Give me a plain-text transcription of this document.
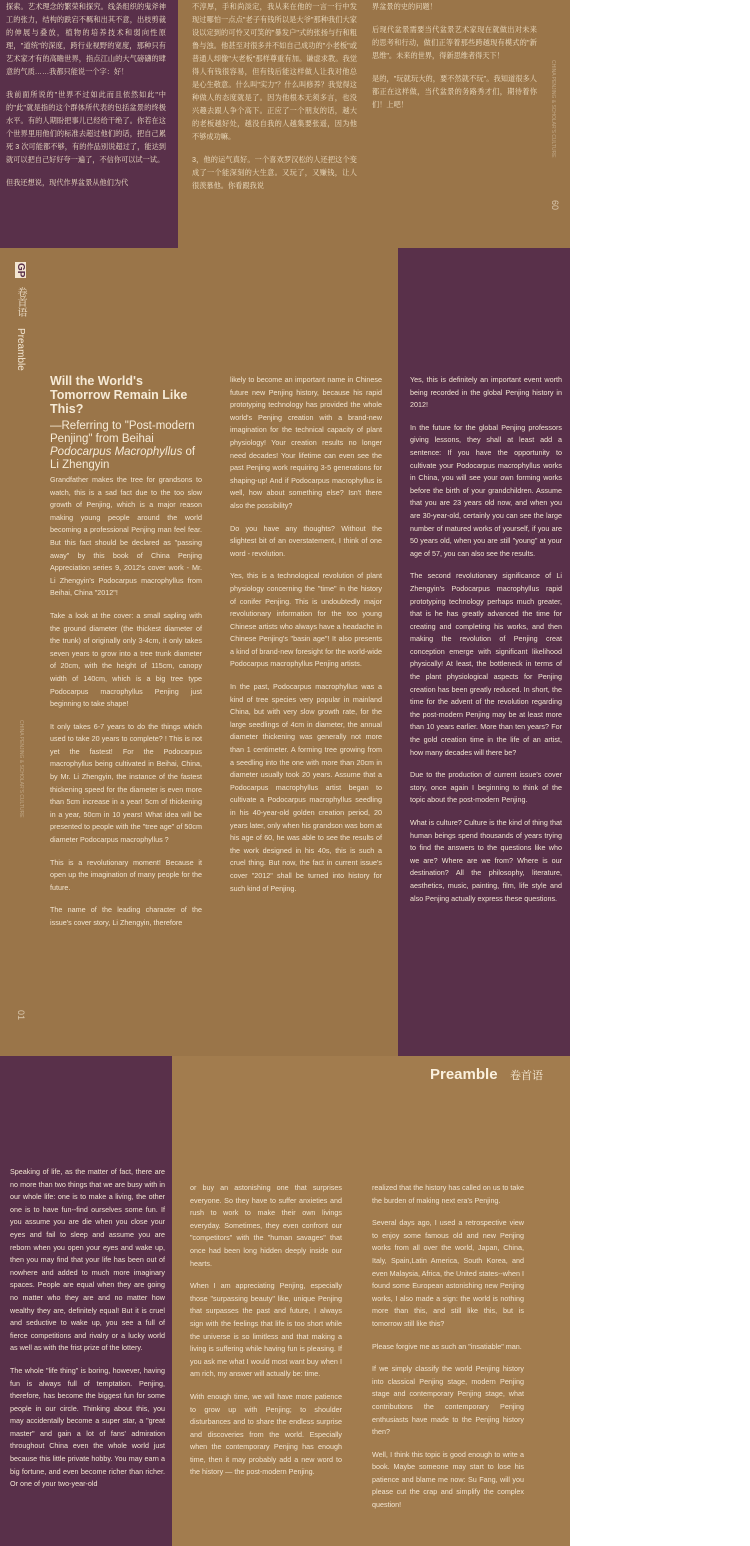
探索。艺术理念的繁荣和探究。线条组织的鬼斧神工的张力，结构的跌宕不羁和出其不意，出枝剪裁的伸展与叠放，植物的培养技术和弱向性原理，"道统"的深度，跨行业视野的宽度，那种只有艺术家才有的高瞻世界，指点江山的大气磅礴的肆意的气质……我都只能说一个字：好！

我前面所说的"世界不过如此而且依然如此"中的"此"就是指的这个群体所代表的包括盆景的终极水平。有的人期盼把事儿已经给干绝了。你若在这个世界里用他们的标准去超过他们的话，把自己累死 3 次可能都不够，有的作品别说超过了，能达到就可以把自己好好夸一遍了，不信你可以试一试。

但我还想说，现代作界盆景从他们为代

不淳厚，手和尚淡定，我从来在他的一言一行中发现过哪怕一点点"老子有钱所以是大爷"那种我们大家设以定到的可怜又可笑的"暴发户"式的张扬与行和粗鲁与浊。他甚至对很多并不如自己成功的"小老板"或普通人却像"大老板"那样尊重有加。谦虚求教。我觉得人有钱很容易，但有钱后能这样做人让我对他总是心生敬意。什么叫"实力"？什么叫修养？我觉得这种做人的态度就是了。因为他根本无须多言，也没兴趣去跟人争个高下。正应了一个朋友的话，越大的老板越好处，越没自我的人越集要张遥，因为他不够成功嘛。

3，他的运气真好。一个喜欢罗汉松的人还把这个变成了一个能深刻的大生意。又玩了，又赚钱，让人很羡慕他。你看跟我说

界盆景的史的问题！

后现代盆景需要当代盆景艺术家现在就做出对未来的思考和行动，做们正等着那些跨越现有模式的"新思维"。未来的世界，得新思维者得天下！

是的，"玩就玩大的，要不然就不玩"。我知道很多人都正在这样做，当代盆景的务路秀才们，期待着你们！上吧！	CHINA PENJING & SCHOLAR'S CULTURE
60
GP 卷首语 Preamble
Will the World's Tomorrow Remain Like This?
—Referring to "Post-modern Penjing" from Beihai Podocarpus Macrophyllus of Li Zhengyin

Grandfather makes the tree for grandsons to watch, this is a sad fact due to the too slow growth of Penjing, which is a major reason making young people around the world becoming a professional Penjing man feel fear. But this fact should be declared as "passing away" by this book of China Penjing Appreciation series 9, 2012's cover work - Mr. Li Zhengyin's Podocarpus macrophyllus from Beihai, China "2012"!

Take a look at the cover: a small sapling with the ground diameter (the thickest diameter of the trunk) of originally only 3-4cm, it only takes seven years to grow into a tree trunk diameter of 20cm, with the height of 115cm, canopy width of 140cm, which is a big tree type Podocarpus macrophyllus Penjing just beginning to take shape!

It only takes 6-7 years to do the things which used to take 20 years to complete? ! This is not yet the fastest! For the Podocarpus macrophyllus being cultivated in Beihai, China, by Mr. Li Zhengyin, the instance of the fastest thickening speed for the diameter is even more than 5cm increase in a year! 5cm of thickening in a year, 50cm in 10 years! What idea will be presented to people with the "tree age" of 50cm diameter Podocarpus macrophyllus ?

This is a revolutionary moment! Because it open up the imagination of many people for the future.

The name of the leading character of the issue's cover story, Li Zhengyin, therefore

likely to become an important name in Chinese future new Penjing history, because his rapid prototyping technology has provided the whole world's Penjing creation with a brand-new imagination for the technical capacity of plant physiology! Your creation results no longer need decades! Your lifetime can even see the past Penjing work requiring 3-5 generations for shaping-up! And if Podocarpus macrophyllus is well, how about something else? Isn't there also the possibility?

Do you have any thoughts? Without the slightest bit of an overstatement, I think of one word - revolution.

Yes, this is a technological revolution of plant physiology concerning the "time" in the history of conifer Penjing. This is undoubtedly major revolutionary information for the too young Chinese artists who always have a headache in Chinese Penjing's "basin age"! It also presents a kind of brand-new foresight for the world-wide Podocarpus macrophyllus Penjing artists.

In the past, Podocarpus macrophyllus was a kind of tree species very popular in mainland China, but with very slow growth rate, for the large seedlings of 4cm in diameter, the annual diameter thickening was generally not more than 1 centimeter. A forming tree growing from a seedling into the one with more than 20cm in diameter usually took 20 years. Assume that a Podocarpus macrophyllus artist began to cultivate a Podocarpus macrophyllus seedling in his 40-year-old golden creation period, 20 years later, only when his grandson was born at his age of 60, he was able to see the results of the work designed in his 40s, this is such a cruel thing. But now, the fact in current issue's cover "2012" shall be turned into history for such kind of Penjing.

Yes, this is definitely an important event worth being recorded in the global Penjing history in 2012!

In the future for the global Penjing professors giving lessons, they shall at least add a sentence: If you have the opportunity to cultivate your Podocarpus macrophyllus works in China, you will see your own forming works before the birth of your grandchildren. Assume that you are 23 years old now, and when you are 30-year-old, certainly you can see the large number of matured works of yourself, if you are 50 years old, when you are still "young" at your age of 57, you can also see the results.

The second revolutionary significance of Li Zhengyin's Podocarpus macrophyllus rapid prototyping technology perhaps much greater, that is he has greatly advanced the time for creating and completing his works, and then making the revolution of Penjing creat conception emerge with significant likelihood physically! At least, the bottleneck in terms of the plant physiological aspects for Penjing creation has been greatly reduced. In short, the time for the advent of the revolution regarding the post-modern Penjing may be at least more than 10 years earlier. More than ten years? For the gold creation time in the life of an artist, how many decades will there be?

Due to the production of current issue's cover story, once again I beginning to think of the topic about the post-modern Penjing.

What is culture? Culture is the kind of thing that human beings spend thousands of years trying to find the answers to the questions like who we are? Where are we from? Where is our destination? All the philosophy, literature, aesthetics, music, painting, film, life style and also Penjing actually express these questions.

CHINA PENJING & SCHOLAR'S CULTURE
01
Preamble 卷首语

Speaking of life, as the matter of fact, there are no more than two things that we are busy with in our whole life: one is to make a living, the other one is to have fun--find ourselves some fun. If you assume you are die when you close your eyes and fail to sleep and assume you are reborn when you open your eyes and wake up, then you may find that your life has been out of nowhere and added to much more imaginary spaces. People are equal when they are going no matter who they are and no matter how wealthy they are, definitely equal! But it is cruel and seductive to wake up, you see a full of fierce competitions and rivalry or a lucky world as well as with the frist prize of the lottery.

The whole "life thing" is boring, however, having fun is always full of temptation. Penjing, therefore, has become the biggest fun for some people in our circle. Thinking about this, you may accidentally become a super star, a "great master" and gain a lot of fans' admiration throughout China even the whole world just because this little private hobby. You may earn a big fortune, and even become richer than richer. Or one of your two-year-old

or buy an astonishing one that surprises everyone. So they have to suffer anxieties and rush to work to make their own livings everyday. Sometimes, they even confront our "competitors" with the "human savages" that once had been long hidden deeply inside our hearts.

When I am appreciating Penjing, especially those "surpassing beauty" like, unique Penjing that surpasses the past and future, I always sign with the feelings that life is too short while the universe is so limitless and that making a living is suffering while having fun is pleasing. If you ask me what I would most want buy when I am rich, my answer will actually be: time.

With enough time, we will have more patience to grow up with Penjing; to shoulder disturbances and to share the endless surprise and discoveries from the world. Especially when the contemporary Penjing has enough time, then it may probably add a new word to the history — the post-modern Penjing.

realized that the history has called on us to take the burden of making next era's Penjing.

Several days ago, I used a retrospective view to enjoy some famous old and new Penjing works from all over the world, Japan, China, Italy, Spain,Latin America, South Korea, and even Malaysia, Africa, the United states--when I found some European astonishing new Penjing works, I also made a sign: the world is nothing more than this, and still like this, but is tomorrow still like this?

Please forgive me as such an "insatiable" man.

If we simply classify the world Penjing history into classical Penjing stage, modern Penjing stage and contemporary Penjing stage, what contributions the contemporary Penjing enthusiasts have made to the Penjing history then?

Well, I think this topic is good enough to write a book. Maybe someone may start to lose his patience and blame me now: Su Fang, will you please cut the crap and simplify the complex question!
